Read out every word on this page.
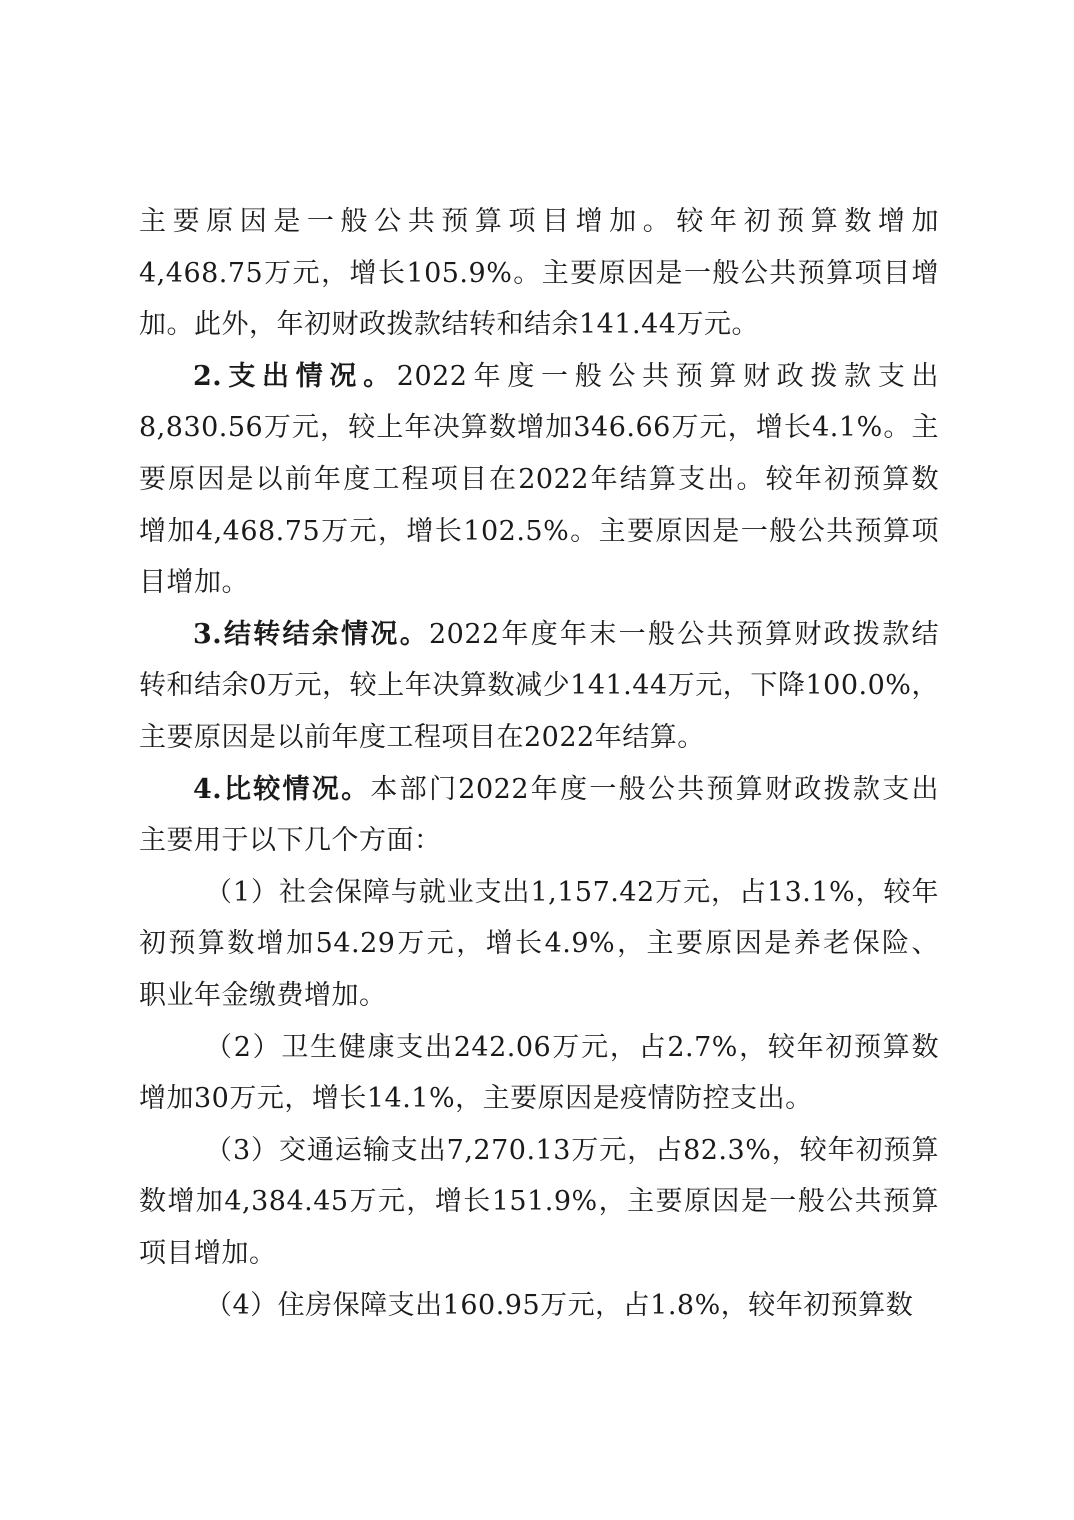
主要原因是一般公共预算项目增加。较年初预算数增加
4,468.75万元，增长105.9%。主要原因是一般公共预算项目增
加。此外，年初财政拨款结转和结余141.44万元。
2.支出情况。2022年度一般公共预算财政拨款支出
8,830.56万元，较上年决算数增加346.66万元，增长4.1%。主
要原因是以前年度工程项目在2022年结算支出。较年初预算数
增加4,468.75万元，增长102.5%。主要原因是一般公共预算项
目增加。
3.结转结余情况。2022年度年末一般公共预算财政拨款结
转和结余0万元，较上年决算数减少141.44万元，下降100.0%，
主要原因是以前年度工程项目在2022年结算。
4.比较情况。本部门2022年度一般公共预算财政拨款支出
主要用于以下几个方面：
（1）社会保障与就业支出1,157.42万元，占13.1%，较年
初预算数增加54.29万元，增长4.9%，主要原因是养老保险、
职业年金缴费增加。
（2）卫生健康支出242.06万元，占2.7%，较年初预算数
增加30万元，增长14.1%，主要原因是疫情防控支出。
（3）交通运输支出7,270.13万元，占82.3%，较年初预算
数增加4,384.45万元，增长151.9%，主要原因是一般公共预算
项目增加。
（4）住房保障支出160.95万元，占1.8%，较年初预算数
